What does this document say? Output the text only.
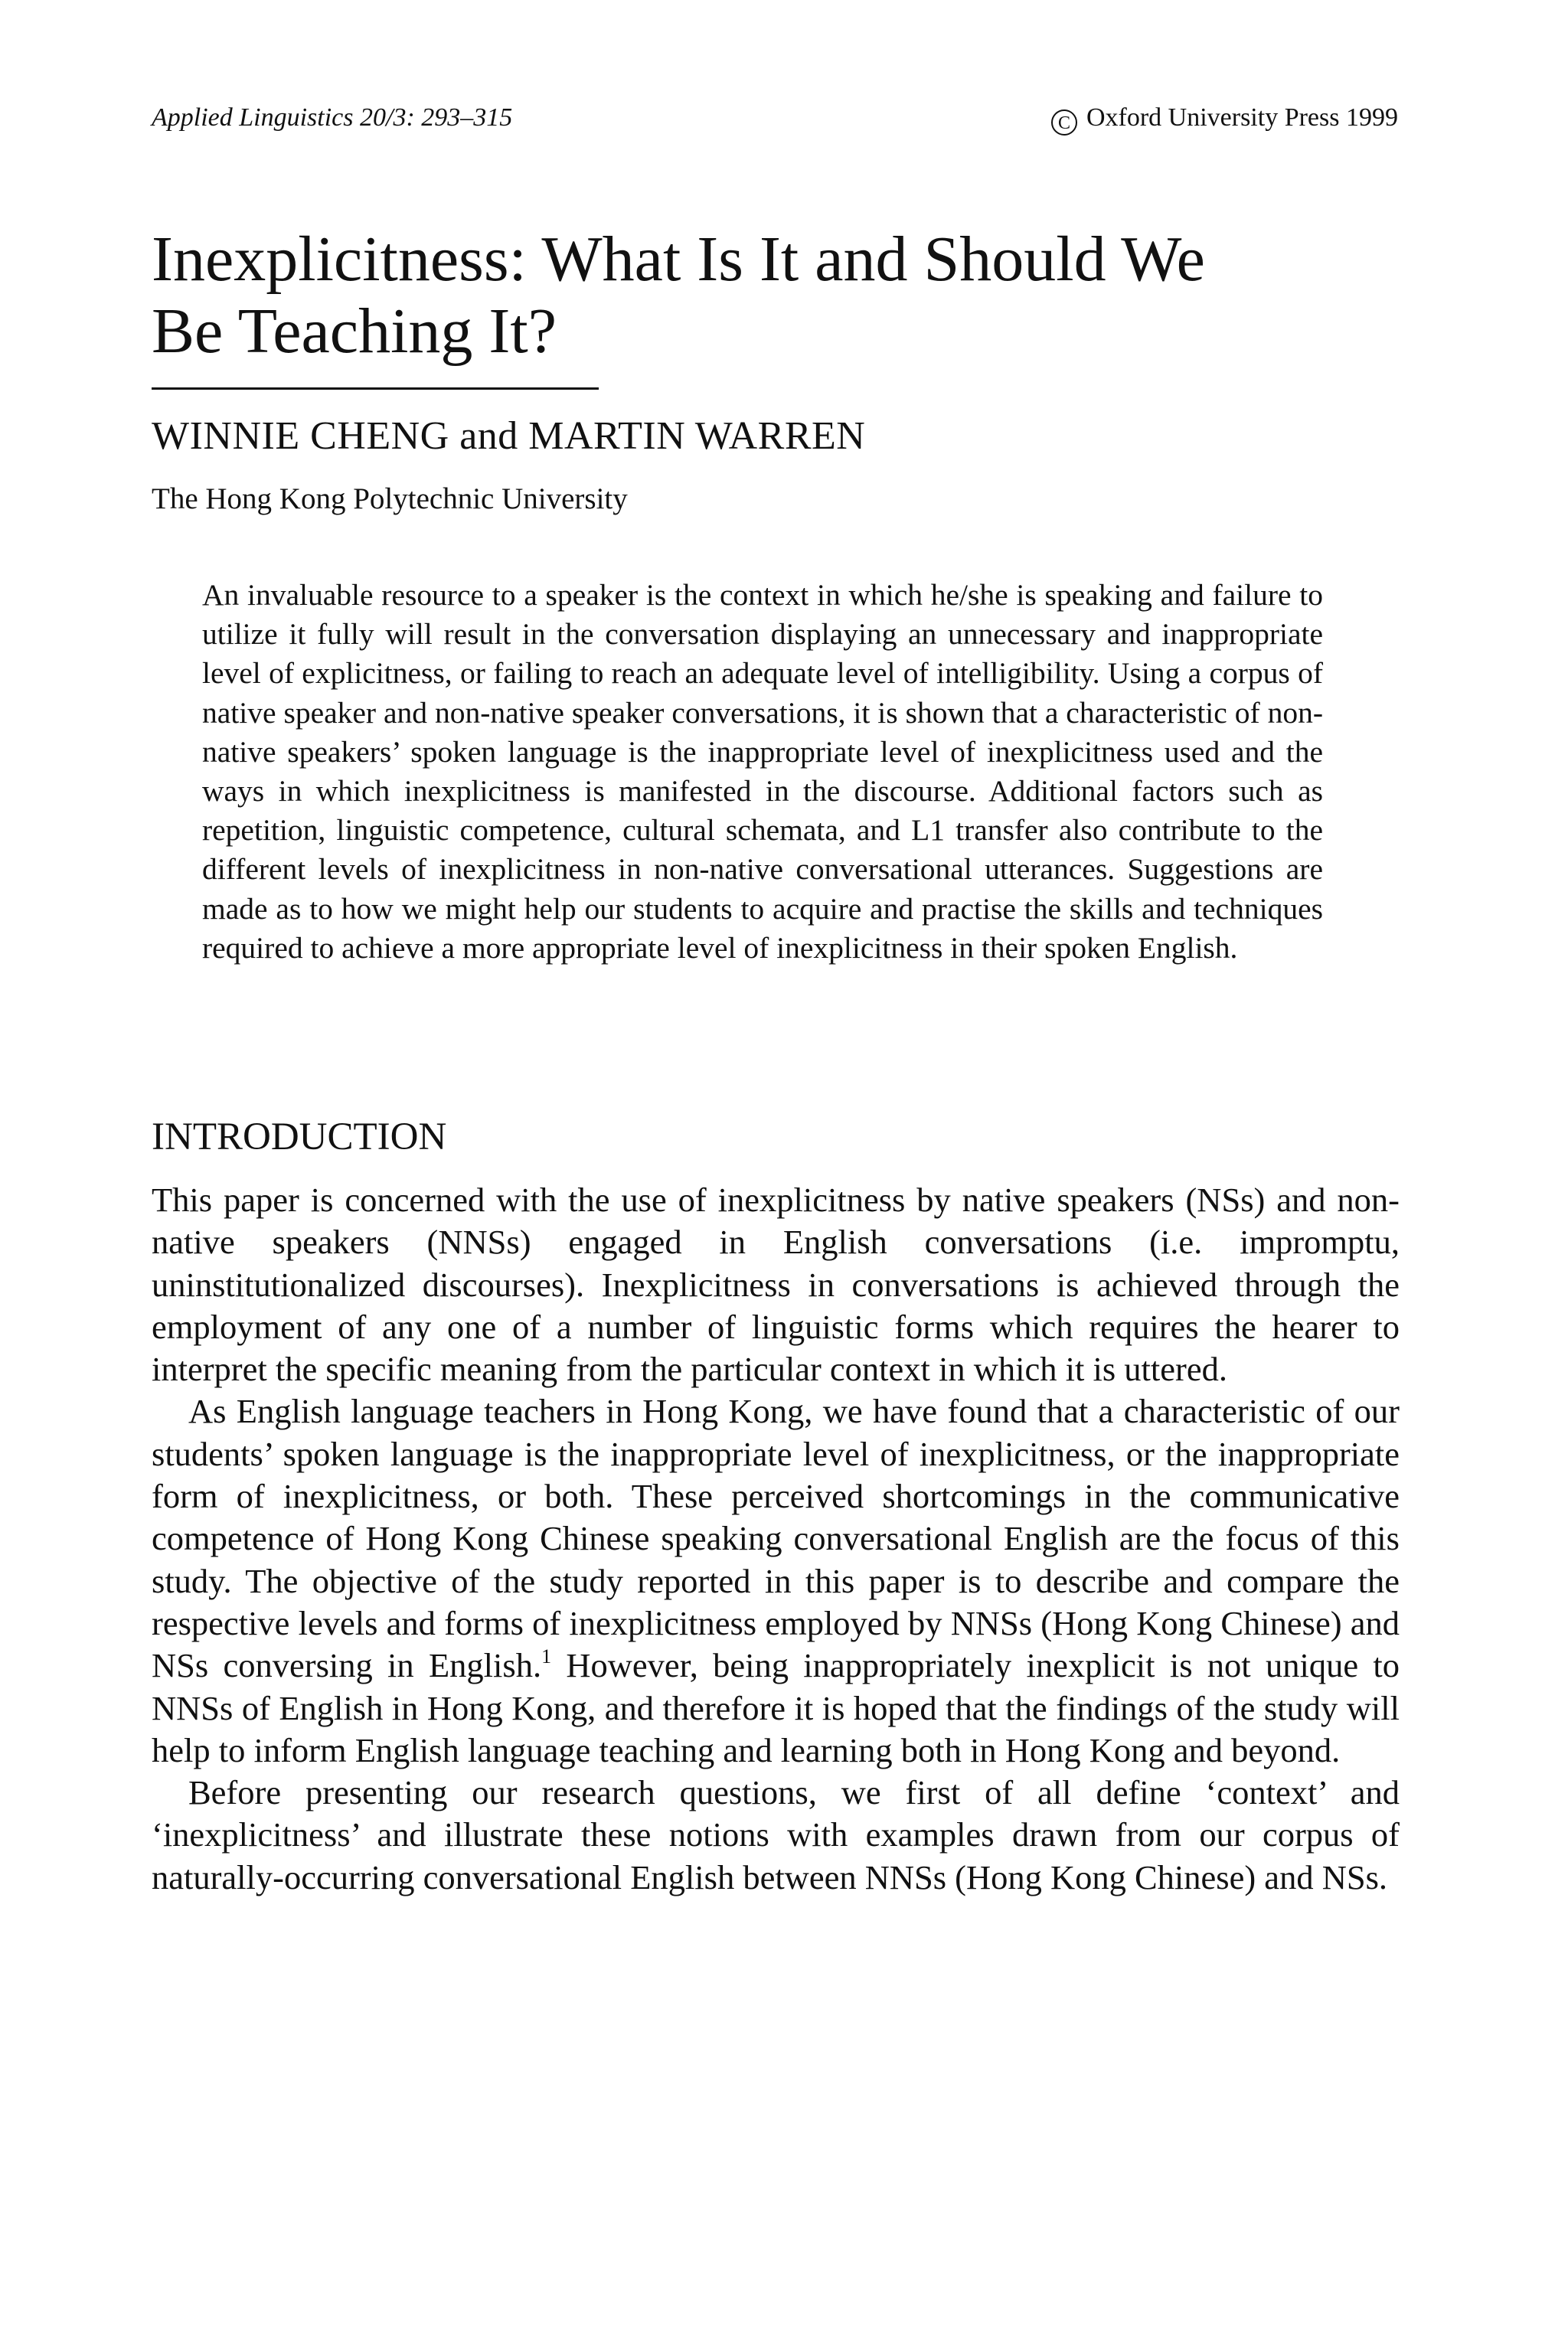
Applied Linguistics 20/3: 293–315	C Oxford University Press 1999
Inexplicitness: What Is It and Should We
Be Teaching It?
WINNIE CHENG and MARTIN WARREN
The Hong Kong Polytechnic University

An invaluable resource to a speaker is the context in which he/she is speaking and failure to utilize it fully will result in the conversation displaying an unnecessary and inappropriate level of explicitness, or failing to reach an adequate level of intelligibility. Using a corpus of native speaker and non-native speaker conversations, it is shown that a characteristic of non-native speakers’ spoken language is the inappropriate level of inexplicitness used and the ways in which inexplicitness is manifested in the discourse. Additional factors such as repetition, linguistic competence, cultural schemata, and L1 transfer also contribute to the different levels of inexplicitness in non-native conversational utterances. Suggestions are made as to how we might help our students to acquire and practise the skills and techniques required to achieve a more appropriate level of inexplicitness in their spoken English.

INTRODUCTION

This paper is concerned with the use of inexplicitness by native speakers (NSs) and non-native speakers (NNSs) engaged in English conversations (i.e. impromptu, uninstitutionalized discourses). Inexplicitness in conversations is achieved through the employment of any one of a number of linguistic forms which requires the hearer to interpret the specific meaning from the particular context in which it is uttered.

As English language teachers in Hong Kong, we have found that a characteristic of our students’ spoken language is the inappropriate level of inexplicitness, or the inappropriate form of inexplicitness, or both. These perceived shortcomings in the communicative competence of Hong Kong Chinese speaking conversational English are the focus of this study. The objective of the study reported in this paper is to describe and compare the respective levels and forms of inexplicitness employed by NNSs (Hong Kong Chinese) and NSs conversing in English.$^1$ However, being inappropriately inexplicit is not unique to NNSs of English in Hong Kong, and therefore it is hoped that the findings of the study will help to inform English language teaching and learning both in Hong Kong and beyond.

Before presenting our research questions, we first of all define ‘context’ and ‘inexplicitness’ and illustrate these notions with examples drawn from our corpus of naturally-occurring conversational English between NNSs (Hong Kong Chinese) and NSs.
